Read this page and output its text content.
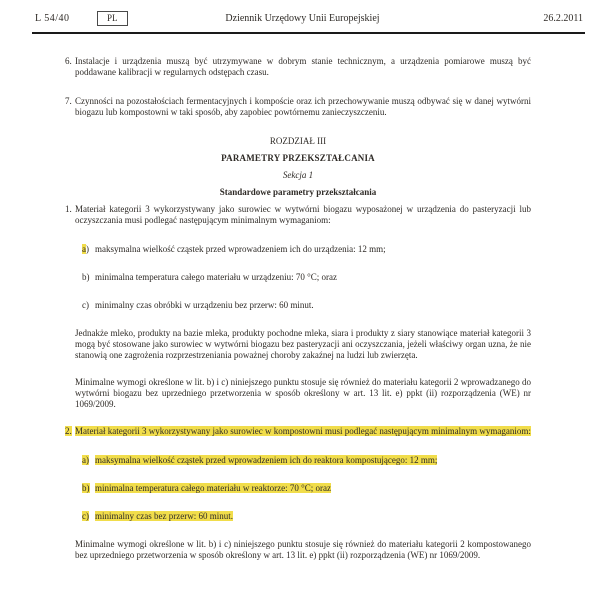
L 54/40	PL	Dziennik Urzędowy Unii Europejskiej	26.2.2011
6. Instalacje i urządzenia muszą być utrzymywane w dobrym stanie technicznym, a urządzenia pomiarowe muszą być poddawane kalibracji w regularnych odstępach czasu.
7. Czynności na pozostałościach fermentacyjnych i kompoście oraz ich przechowywanie muszą odbywać się w danej wytwórni biogazu lub kompostowni w taki sposób, aby zapobiec powtórnemu zanieczyszczeniu.
ROZDZIAŁ III
PARAMETRY PRZEKSZTAŁCANIA
Sekcja 1
Standardowe parametry przekształcania
1. Materiał kategorii 3 wykorzystywany jako surowiec w wytwórni biogazu wyposażonej w urządzenia do pasteryzacji lub oczyszczania musi podlegać następującym minimalnym wymaganiom:
a) maksymalna wielkość cząstek przed wprowadzeniem ich do urządzenia: 12 mm;
b) minimalna temperatura całego materiału w urządzeniu: 70 °C; oraz
c) minimalny czas obróbki w urządzeniu bez przerw: 60 minut.
Jednakże mleko, produkty na bazie mleka, produkty pochodne mleka, siara i produkty z siary stanowiące materiał kategorii 3 mogą być stosowane jako surowiec w wytwórni biogazu bez pasteryzacji ani oczyszczania, jeżeli właściwy organ uzna, że nie stanowią one zagrożenia rozprzestrzeniania poważnej choroby zakaźnej na ludzi lub zwierzęta.
Minimalne wymogi określone w lit. b) i c) niniejszego punktu stosuje się również do materiału kategorii 2 wprowadzanego do wytwórni biogazu bez uprzedniego przetworzenia w sposób określony w art. 13 lit. e) ppkt (ii) rozporządzenia (WE) nr 1069/2009.
2. Materiał kategorii 3 wykorzystywany jako surowiec w kompostowni musi podlegać następującym minimalnym wymaganiom:
a) maksymalna wielkość cząstek przed wprowadzeniem ich do reaktora kompostującego: 12 mm;
b) minimalna temperatura całego materiału w reaktorze: 70 °C; oraz
c) minimalny czas bez przerw: 60 minut.
Minimalne wymogi określone w lit. b) i c) niniejszego punktu stosuje się również do materiału kategorii 2 kompostowanego bez uprzedniego przetworzenia w sposób określony w art. 13 lit. e) ppkt (ii) rozporządzenia (WE) nr 1069/2009.
